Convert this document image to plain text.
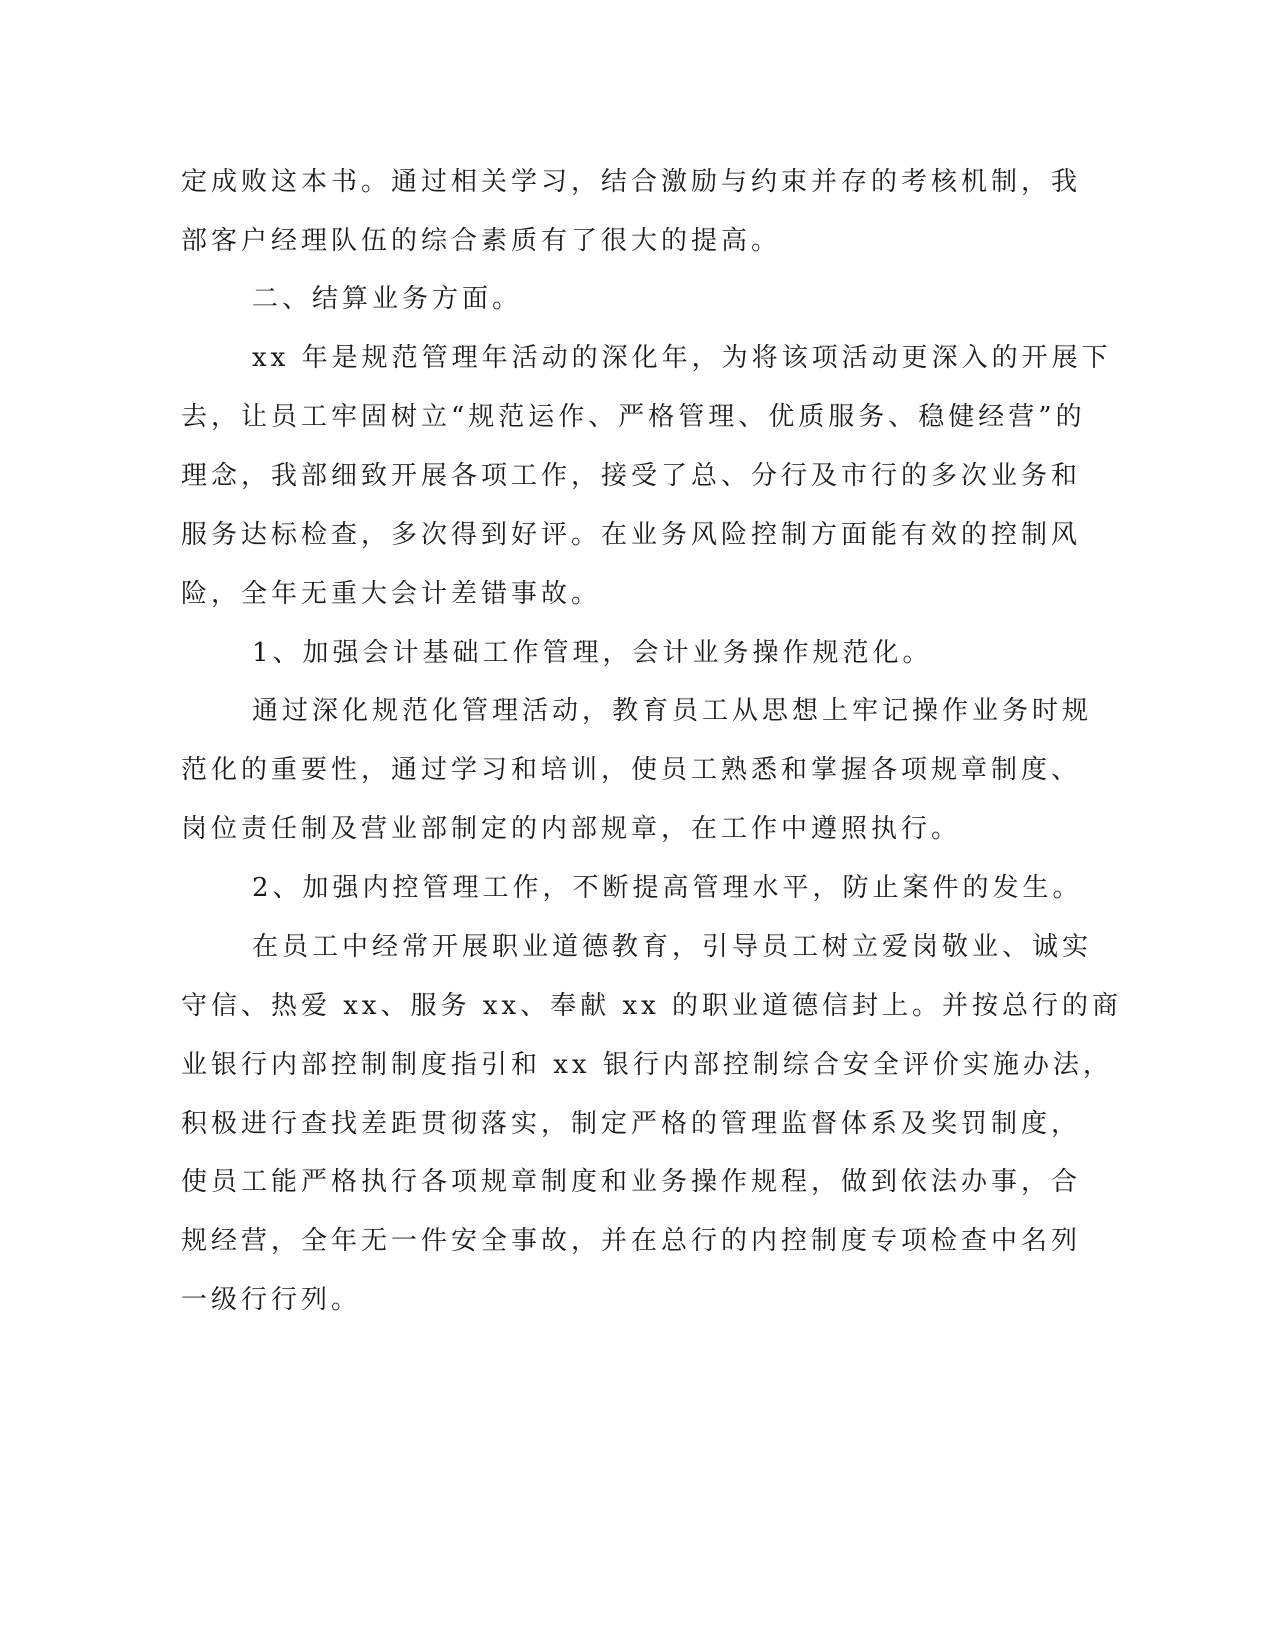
定成败这本书。通过相关学习，结合激励与约束并存的考核机制，我

部客户经理队伍的综合素质有了很大的提高。

二、结算业务方面。

xx 年是规范管理年活动的深化年，为将该项活动更深入的开展下

去，让员工牢固树立“规范运作、严格管理、优质服务、稳健经营”的

理念，我部细致开展各项工作，接受了总、分行及市行的多次业务和

服务达标检查，多次得到好评。在业务风险控制方面能有效的控制风

险，全年无重大会计差错事故。

1、加强会计基础工作管理，会计业务操作规范化。

通过深化规范化管理活动，教育员工从思想上牢记操作业务时规

范化的重要性，通过学习和培训，使员工熟悉和掌握各项规章制度、

岗位责任制及营业部制定的内部规章，在工作中遵照执行。

2、加强内控管理工作，不断提高管理水平，防止案件的发生。

在员工中经常开展职业道德教育，引导员工树立爱岗敬业、诚实

守信、热爱 xx、服务 xx、奉献 xx 的职业道德信封上。并按总行的商

业银行内部控制制度指引和 xx 银行内部控制综合安全评价实施办法，

积极进行查找差距贯彻落实，制定严格的管理监督体系及奖罚制度，

使员工能严格执行各项规章制度和业务操作规程，做到依法办事，合

规经营，全年无一件安全事故，并在总行的内控制度专项检查中名列

一级行行列。
